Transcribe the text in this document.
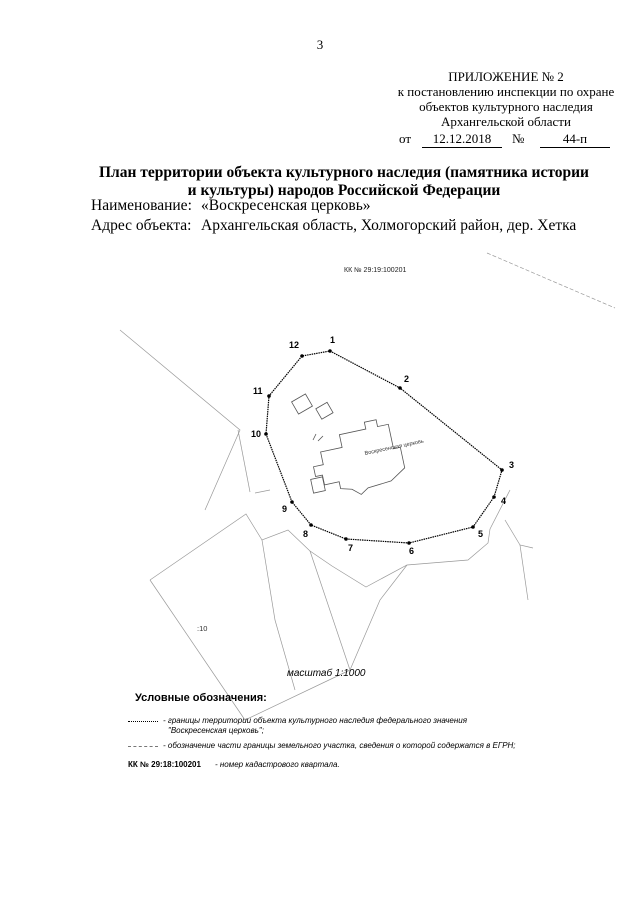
3
ПРИЛОЖЕНИЕ № 2
к постановлению инспекции по охране
объектов культурного наследия
Архангельской области
от	12.12.2018	№	44-п
План территории объекта культурного наследия (памятника истории
и культуры) народов Российской Федерации
Наименование: «Воскресенская церковь»
Адрес объекта: Архангельская область, Холмогорский район, дер. Хетка
Воскресенская церковь
КК № 29:19:100201
:10
масштаб 1:1000
1
2
3
4
5
6
7
8
9
10
11
12
Условные обозначения:
- границы территории объекта культурного наследия федерального значения
"Воскресенская церковь";
- обозначение части границы земельного участка, сведения о которой содержатся в ЕГРН;
КК № 29:18:100201 - номер кадастрового квартала.
